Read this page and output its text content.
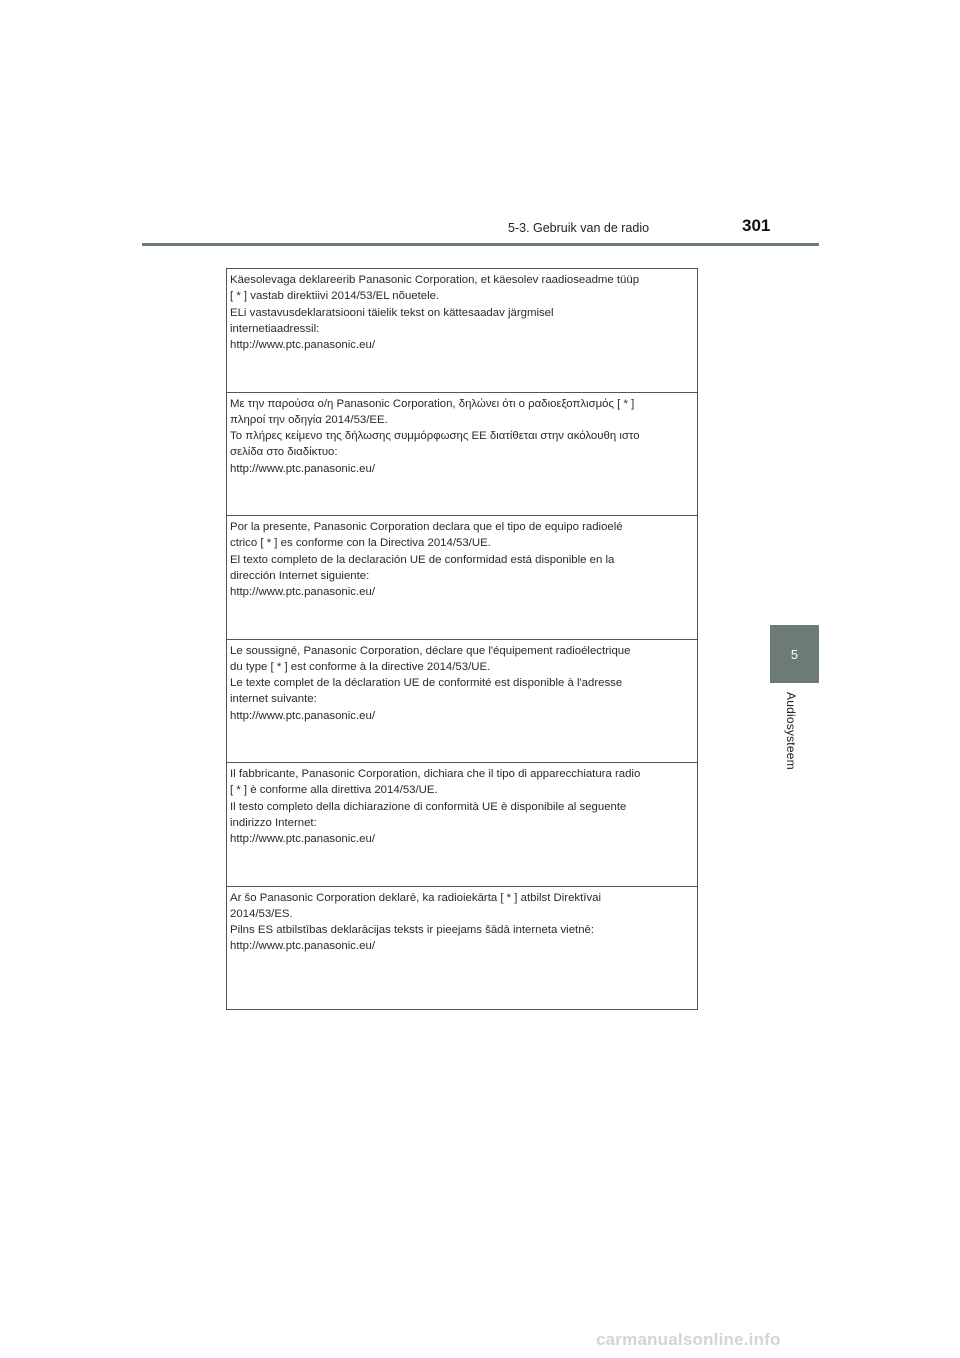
5-3. Gebruik van de radio	301
5
Audiosysteem
Käesolevaga deklareerib Panasonic Corporation, et käesolev raadioseadme tüüp
[ * ] vastab direktiivi 2014/53/EL nõuetele.
ELi vastavusdeklaratsiooni täielik tekst on kättesaadav järgmisel
internetiaadressil:
http://www.ptc.panasonic.eu/
Με την παρούσα ο/η Panasonic Corporation, δηλώνει ότι ο ραδιοεξοπλισμός [ * ]
πληροί την οδηγία 2014/53/ΕΕ.
Το πλήρες κείμενο της δήλωσης συμμόρφωσης ΕΕ διατίθεται στην ακόλουθη ιστο
σελίδα στο διαδίκτυο:
http://www.ptc.panasonic.eu/
Por la presente, Panasonic Corporation declara que el tipo de equipo radioelé
ctrico [ * ] es conforme con la Directiva 2014/53/UE.
El texto completo de la declaración UE de conformidad está disponible en la
dirección Internet siguiente:
http://www.ptc.panasonic.eu/
Le soussigné, Panasonic Corporation, déclare que l'équipement radioélectrique
du type [ * ] est conforme à la directive 2014/53/UE.
Le texte complet de la déclaration UE de conformité est disponible à l'adresse
internet suivante:
http://www.ptc.panasonic.eu/
Il fabbricante, Panasonic Corporation, dichiara che il tipo di apparecchiatura radio
[ * ] è conforme alla direttiva 2014/53/UE.
Il testo completo della dichiarazione di conformità UE è disponibile al seguente
indirizzo Internet:
http://www.ptc.panasonic.eu/
Ar šo Panasonic Corporation deklarē, ka radioiekārta [ * ] atbilst Direktīvai
2014/53/ES.
Pilns ES atbilstības deklarācijas teksts ir pieejams šādā interneta vietnē:
http://www.ptc.panasonic.eu/
carmanualsonline.info
